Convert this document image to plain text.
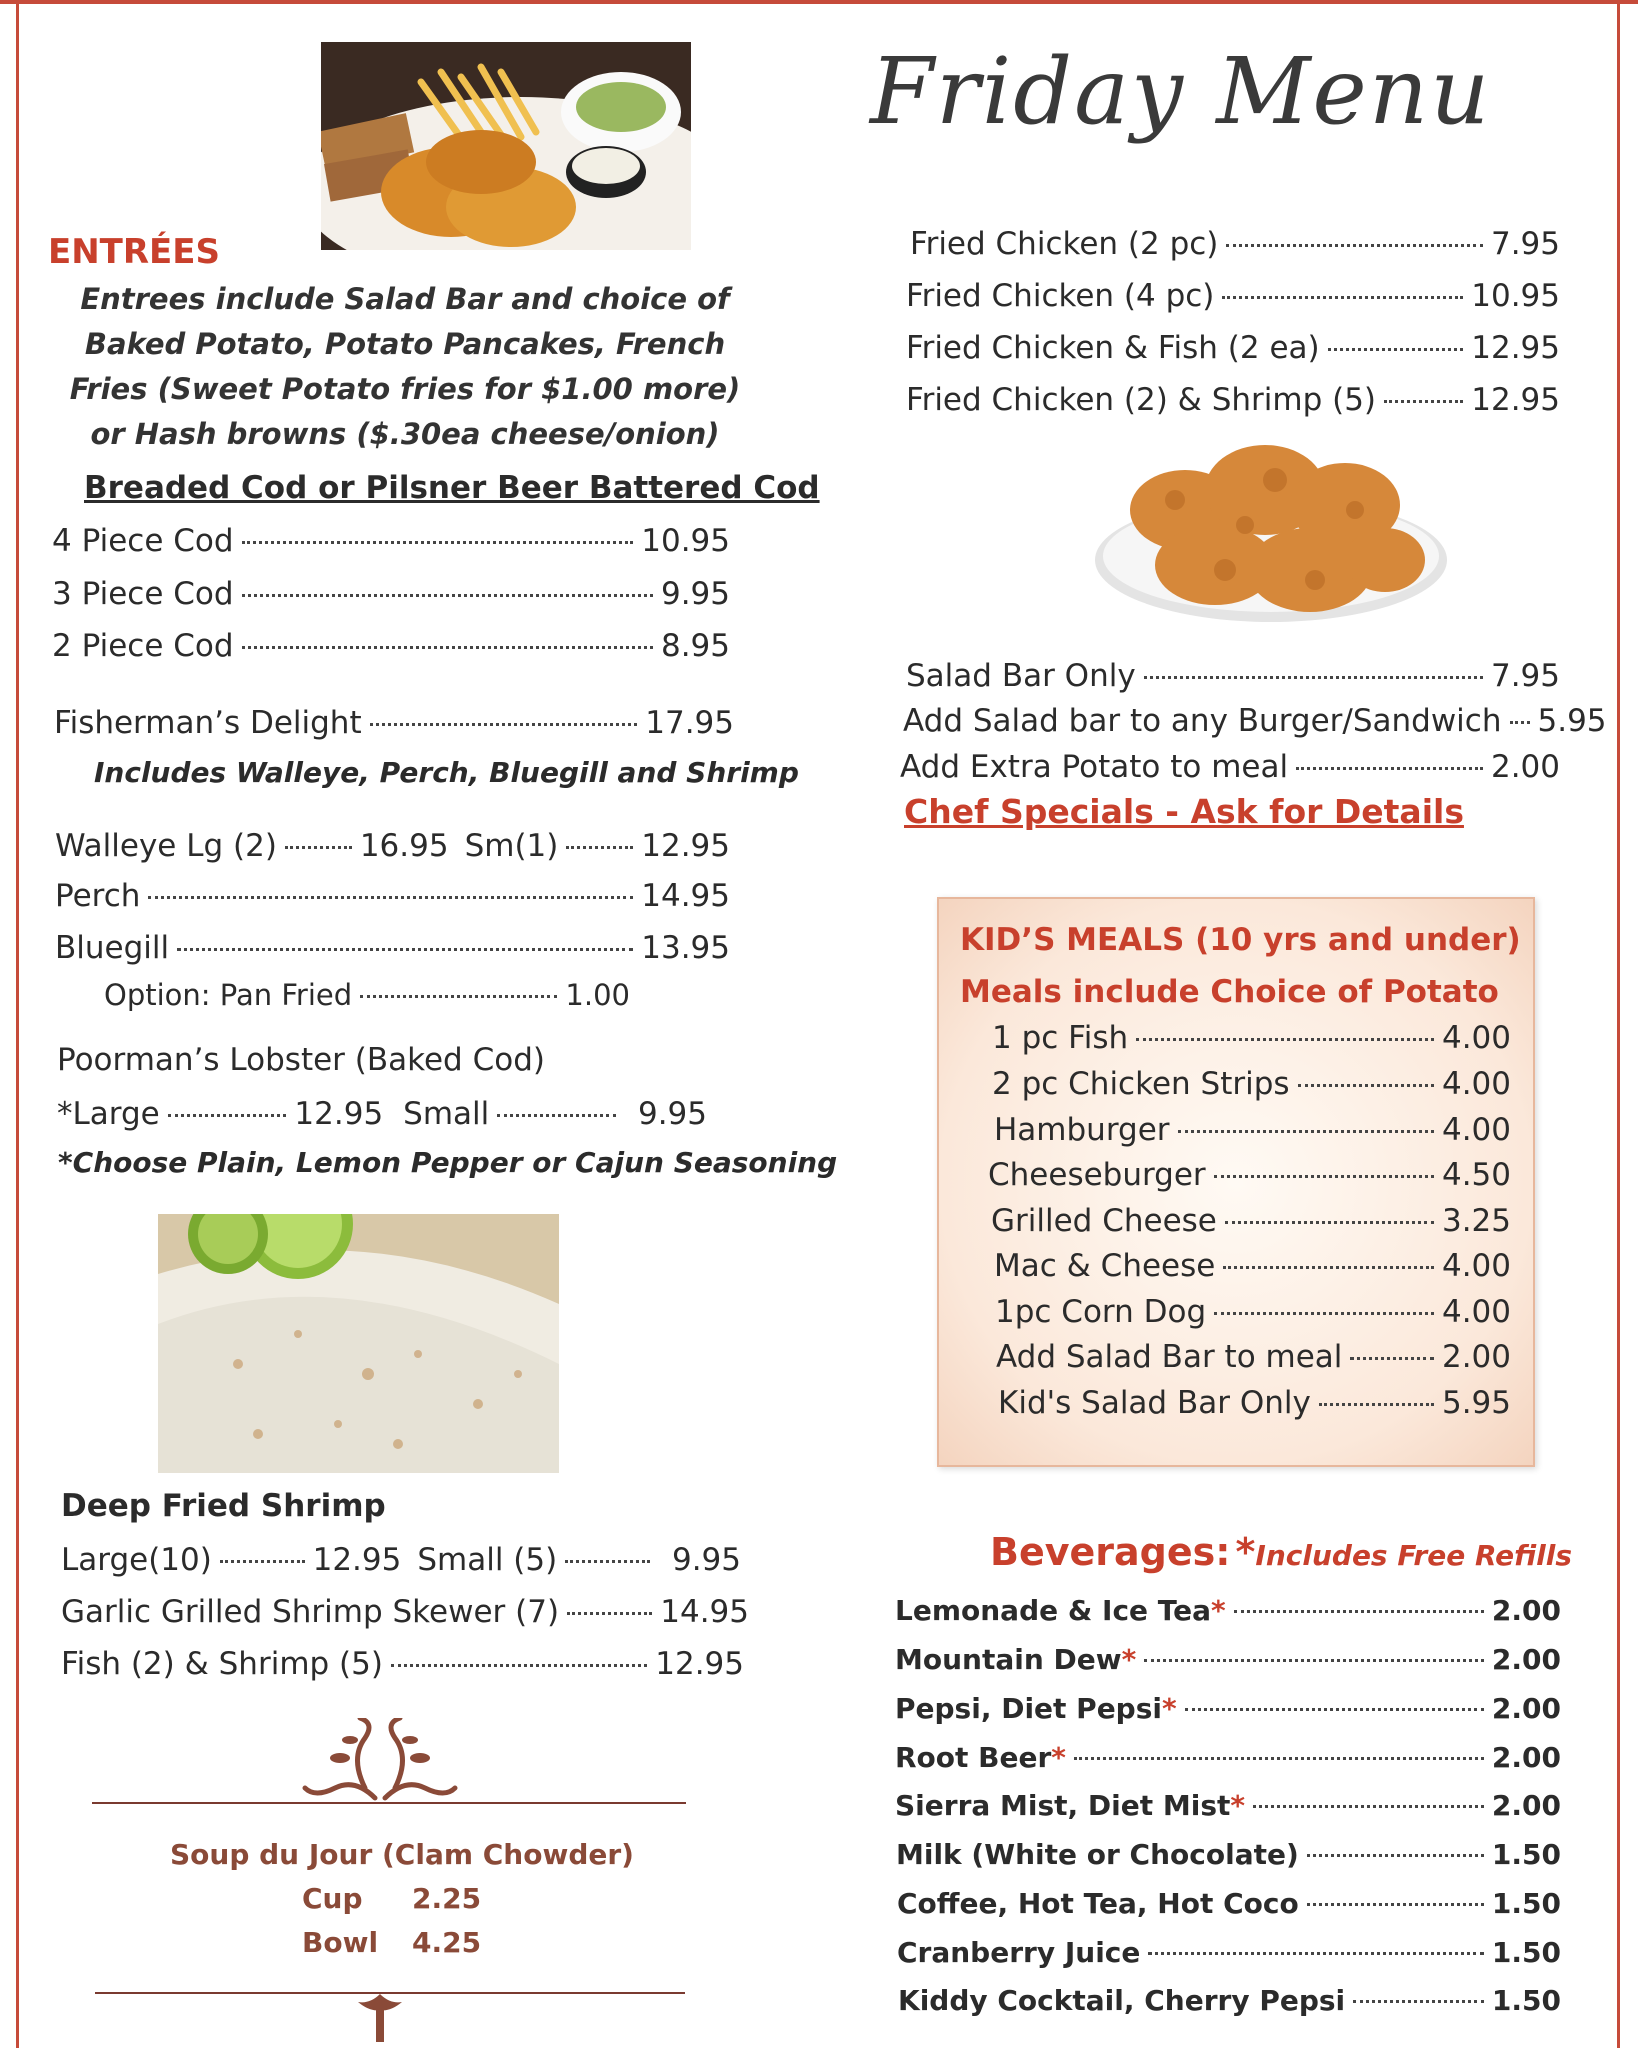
Friday Menu
ENTRÉES
Entrees include Salad Bar and choice of Baked Potato, Potato Pancakes, French Fries (Sweet Potato fries for $1.00 more) or Hash browns ($.30ea cheese/onion)
Breaded Cod or Pilsner Beer Battered Cod
4 Piece Cod	10.95
3 Piece Cod	9.95
2 Piece Cod	8.95
Fisherman’s Delight	17.95
Includes Walleye, Perch, Bluegill and Shrimp
Walleye Lg (2)	16.95 Sm(1)	12.95
Perch	14.95
Bluegill	13.95
Option: Pan Fried	1.00
Poorman’s Lobster (Baked Cod)
*Large	12.95 Small	9.95
*Choose Plain, Lemon Pepper or Cajun Seasoning
Deep Fried Shrimp
Large(10)	12.95 Small (5)	9.95
Garlic Grilled Shrimp Skewer (7)	14.95
Fish (2) & Shrimp (5)	12.95
Soup du Jour (Clam Chowder)
Cup 2.25
Bowl 4.25
Fried Chicken (2 pc)	7.95
Fried Chicken (4 pc)	10.95
Fried Chicken & Fish (2 ea)	12.95
Fried Chicken (2) & Shrimp (5)	12.95
Salad Bar Only	7.95
Add Salad bar to any Burger/Sandwich 5.95
Add Extra Potato to meal	2.00
Chef Specials - Ask for Details
KID’S MEALS (10 yrs and under)
Meals include Choice of Potato
1 pc Fish	4.00
2 pc Chicken Strips	4.00
Hamburger	4.00
Cheeseburger	4.50
Grilled Cheese	3.25
Mac & Cheese	4.00
1pc Corn Dog	4.00
Add Salad Bar to meal	2.00
Kid's Salad Bar Only	5.95
Beverages: *Includes Free Refills
Lemonade & Ice Tea *	2.00
Mountain Dew *	2.00
Pepsi, Diet Pepsi *	2.00
Root Beer *	2.00
Sierra Mist, Diet Mist *	2.00
Milk (White or Chocolate)	1.50
Coffee, Hot Tea, Hot Coco	1.50
Cranberry Juice	1.50
Kiddy Cocktail, Cherry Pepsi	1.50
